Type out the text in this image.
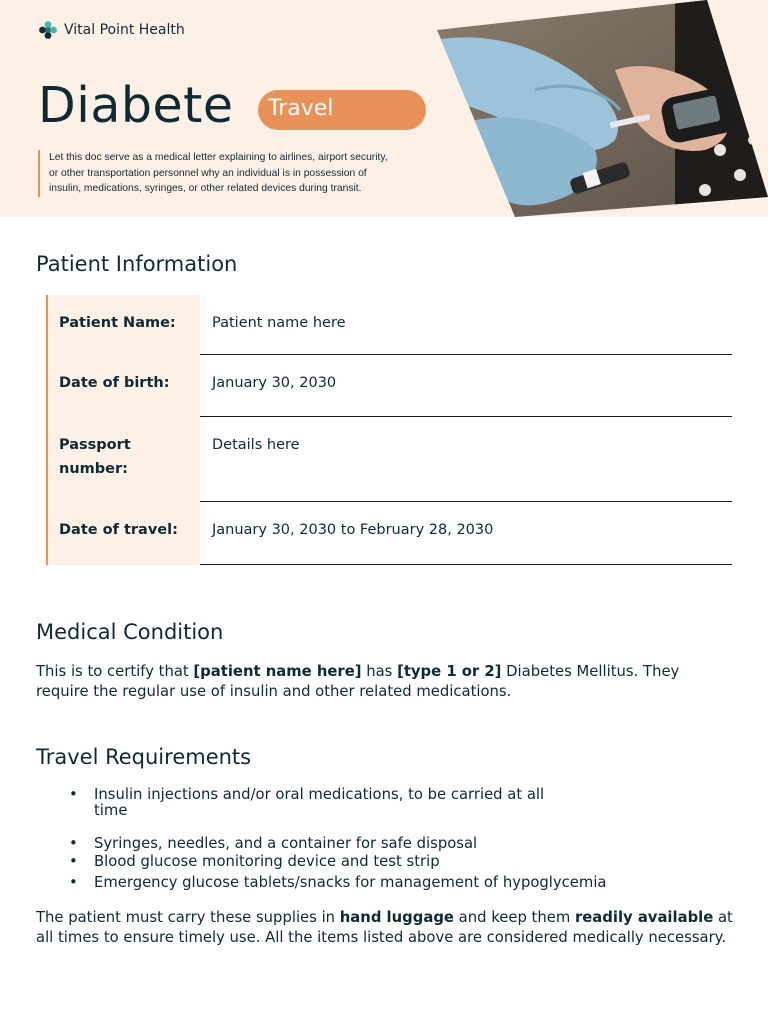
Vital Point Health
Diabete	Travel
Let this doc serve as a medical letter explaining to airlines, airport security,
or other transportation personnel why an individual is in possession of
insulin, medications, syringes, or other related devices during transit.
Patient Information
Patient Name:	Patient name here
Date of birth:	January 30, 2030
Passport number:
Details here
Date of travel:	January 30, 2030 to February 28, 2030
Medical Condition
This is to certify that [patient name here] has [type 1 or 2] Diabetes Mellitus. They require the regular use of insulin and other related medications.
Travel Requirements
• Insulin injections and/or oral medications, to be carried at all time
• Syringes, needles, and a container for safe disposal
• Blood glucose monitoring device and test strip
• Emergency glucose tablets/snacks for management of hypoglycemia
The patient must carry these supplies in hand luggage and keep them readily available at all times to ensure timely use. All the items listed above are considered medically necessary.
